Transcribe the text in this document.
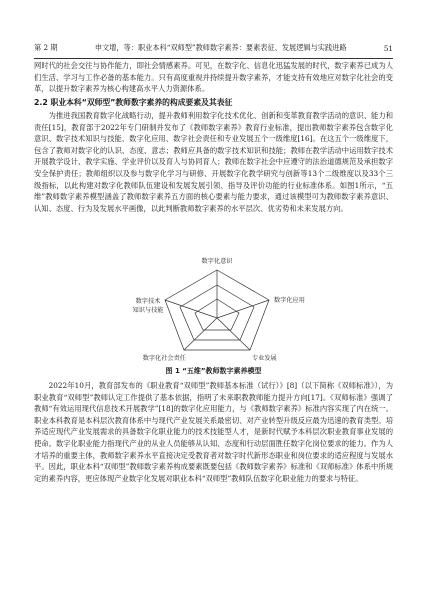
第 2 期	申文增，等：职业本科“双师型”教师数字素养：要素表征、发展逻辑与实践进路	51

网时代的社会交往与协作能力，即社会情感素养。可见，在数字化、信息化迅猛发展的时代，数字素养已成为人们生活、学习与工作必备的基本能力。只有高度重视并持续提升数字素养，才能支持有效地应对数字化社会的变革，以提升数字素养为核心构建高水平人力资源体系。

2.2 职业本科“双师型”教师数字素养的构成要素及其表征

为推进我国教育数字化战略行动，提升教师利用数字化技术优化、创新和变革教育教学活动的意识、能力和责任[15]，教育部于2022年专门研制并发布了《教师数字素养》教育行业标准，提出教师数字素养包含数字化意识、数字技术知识与技能、数字化应用、数字社会责任和专业发展五个一级维度[16]。在这五个一级维度下，包含了教师对数字化的认识、态度、意志；教师应具备的数字技术知识和技能；教师在教学活动中运用数字技术开展教学设计、教学实施、学业评价以及育人与协同育人；教师在数字社会中应遵守的法治道德规范及承担数字安全保护责任；教师组织以及参与数字化学习与研修、开展数字化教学研究与创新等13个二级维度以及33个三级指标，以此构建对数字化教师队伍建设和发展发展引领、指导及评价功能的行业标准体系。如图1所示，“五维”教师数字素养模型涵盖了教师数字素养五方面的核心要素与能力要求，通过该模型可为教师数字素养意识、认知、态度、行为及发展水平画像，以此判断教师数字素养的水平层次、优劣势和未来发展方向。

数字化意识
数字化应用
专业发展
数字化社会责任
数字技术
知识与技能
图 1 “五维”教师数字素养模型

2022年10月，教育部发布的《职业教育“双师型”教师基本标准（试行）》[8]（以下简称《双师标准》），为职业教育“双师型”教师认定工作提供了基本依据，指明了未来职教教师能力提升方向[17]。《双师标准》强调了教师“有效运用现代信息技术开展教学”[18]的数字化应用能力，与《教师数字素养》标准内容实现了内在统一。职业本科教育是本科层次教育体系中与现代产业发展关系最密切、对产业转型升级反应最为迅速的教育类型。培养适应现代产业发展需求的具备数字化职业能力的技术技能型人才，是新时代赋予本科层次职业教育事业发展的使命。数字化职业能力指现代产业的从业人员能够从认知、态度和行动层面胜任数字化岗位要求的能力。作为人才培养的重要主体，教师数字素养水平直接决定受教育者对数字时代新形态职业和岗位要求的适应程度与发展水平。因此，职业本科“双师型”教师数字素养构成要素既要包括《教师数字素养》标准和《双师标准》体系中所规定的素养内容，更应体现产业数字化发展对职业本科“双师型”教师队伍数字化职业能力的要求与特征。
